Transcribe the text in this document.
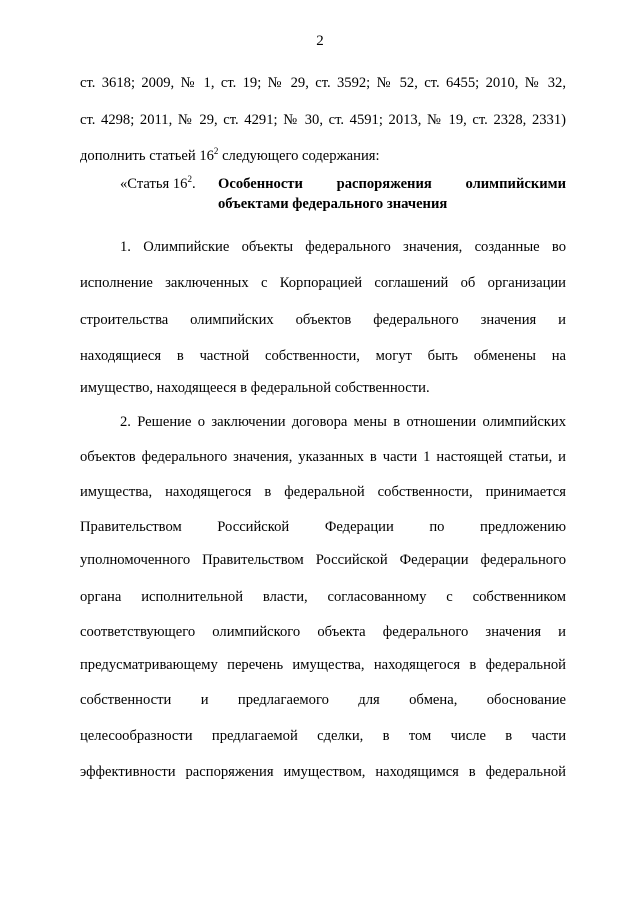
2
ст. 3618; 2009, № 1, ст. 19; № 29, ст. 3592; № 52, ст. 6455; 2010, № 32,
ст. 4298; 2011, № 29, ст. 4291; № 30, ст. 4591; 2013, № 19, ст. 2328, 2331)
дополнить статьей $16^2$ следующего содержания:
«Статья $16^2$.	Особенности распоряжения олимпийскими
объектами федерального значения
1. Олимпийские объекты федерального значения, созданные во
исполнение заключенных с Корпорацией соглашений об организации
строительства олимпийских объектов федерального значения и
находящиеся в частной собственности, могут быть обменены на
имущество, находящееся в федеральной собственности.
2. Решение о заключении договора мены в отношении олимпийских
объектов федерального значения, указанных в части 1 настоящей статьи, и
имущества, находящегося в федеральной собственности, принимается
Правительством Российской Федерации по предложению
уполномоченного Правительством Российской Федерации федерального
органа исполнительной власти, согласованному с собственником
соответствующего олимпийского объекта федерального значения и
предусматривающему перечень имущества, находящегося в федеральной
собственности и предлагаемого для обмена, обоснование
целесообразности предлагаемой сделки, в том числе в части
эффективности распоряжения имуществом, находящимся в федеральной
